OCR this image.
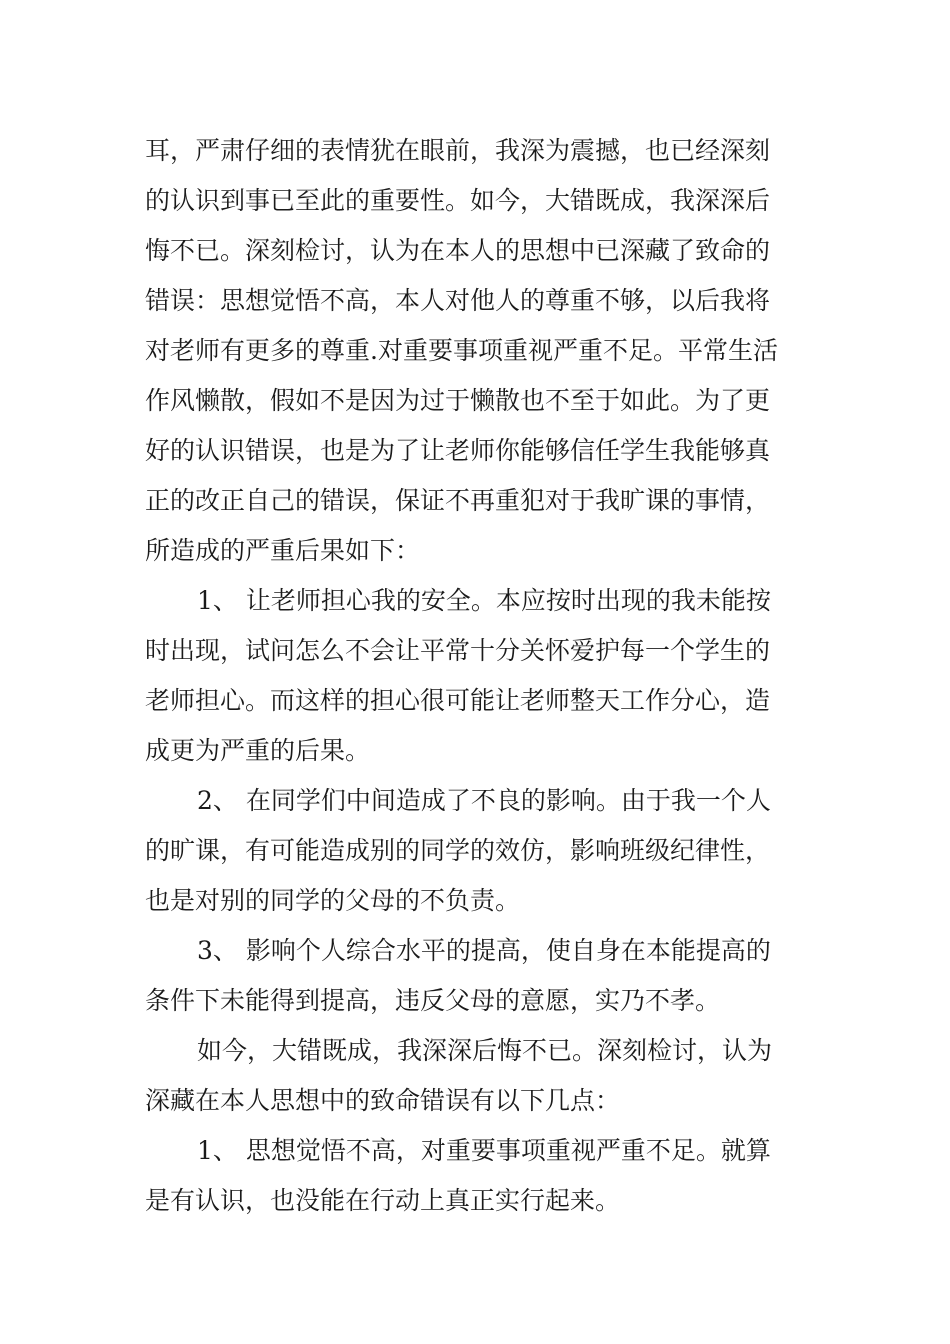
耳，严肃仔细的表情犹在眼前，我深为震撼，也已经深刻
的认识到事已至此的重要性。如今，大错既成，我深深后
悔不已。深刻检讨，认为在本人的思想中已深藏了致命的
错误：思想觉悟不高，本人对他人的尊重不够，以后我将
对老师有更多的尊重.对重要事项重视严重不足。平常生活
作风懒散，假如不是因为过于懒散也不至于如此。为了更
好的认识错误，也是为了让老师你能够信任学生我能够真
正的改正自己的错误，保证不再重犯对于我旷课的事情，
所造成的严重后果如下：
1、 让老师担心我的安全。本应按时出现的我未能按
时出现，试问怎么不会让平常十分关怀爱护每一个学生的
老师担心。而这样的担心很可能让老师整天工作分心，造
成更为严重的后果。
2、 在同学们中间造成了不良的影响。由于我一个人
的旷课，有可能造成别的同学的效仿，影响班级纪律性，
也是对别的同学的父母的不负责。
3、 影响个人综合水平的提高，使自身在本能提高的
条件下未能得到提高，违反父母的意愿，实乃不孝。
如今，大错既成，我深深后悔不已。深刻检讨，认为
深藏在本人思想中的致命错误有以下几点：
1、 思想觉悟不高，对重要事项重视严重不足。就算
是有认识，也没能在行动上真正实行起来。
